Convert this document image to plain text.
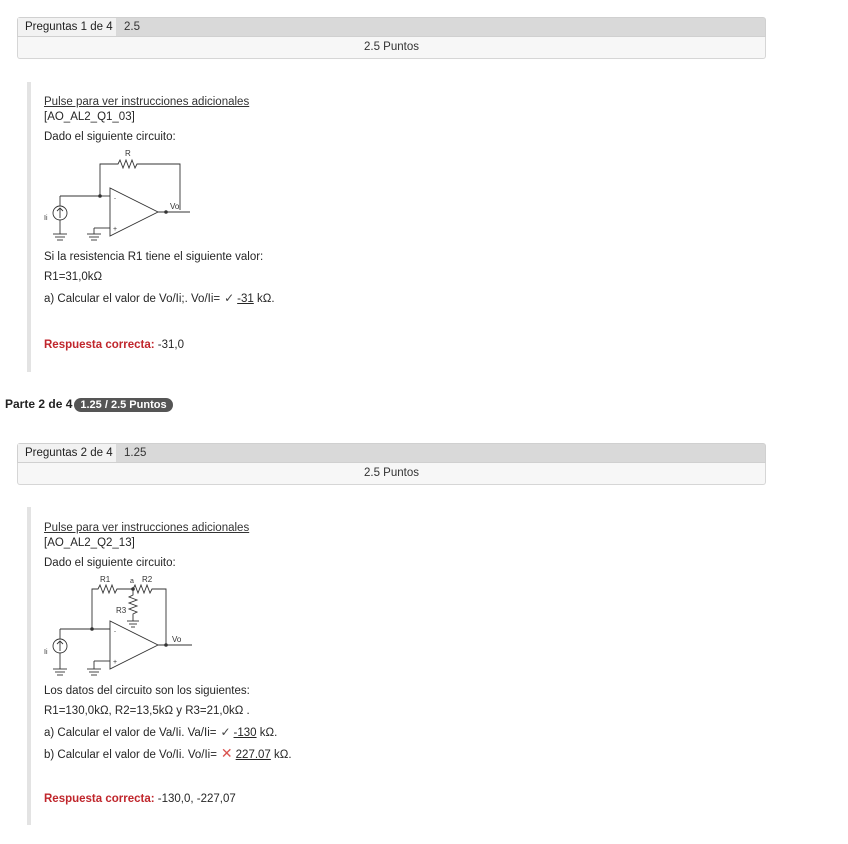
Preguntas 1 de 4 2.5
2.5 Puntos
Pulse para ver instrucciones adicionales
[AO_AL2_Q1_03]
Dado el siguiente circuito:
-
+
R
Ii
Vo
Si la resistencia R1 tiene el siguiente valor:
R1=31,0kΩ
a) Calcular el valor de Vo/Ii;. Vo/Ii= ✓ -31 kΩ.
Respuesta correcta: -31,0
Parte 2 de 4 1.25 / 2.5 Puntos
Preguntas 2 de 4 1.25
2.5 Puntos
Pulse para ver instrucciones adicionales
[AO_AL2_Q2_13]
Dado el siguiente circuito:
-
+
R1	a R2
R3
Ii
Vo
Los datos del circuito son los siguientes:
R1=130,0kΩ, R2=13,5kΩ y R3=21,0kΩ .
a) Calcular el valor de Va/Ii. Va/Ii= ✓ -130 kΩ.
b) Calcular el valor de Vo/Ii. Vo/Ii= ✕ 227.07 kΩ.
Respuesta correcta: -130,0, -227,07
